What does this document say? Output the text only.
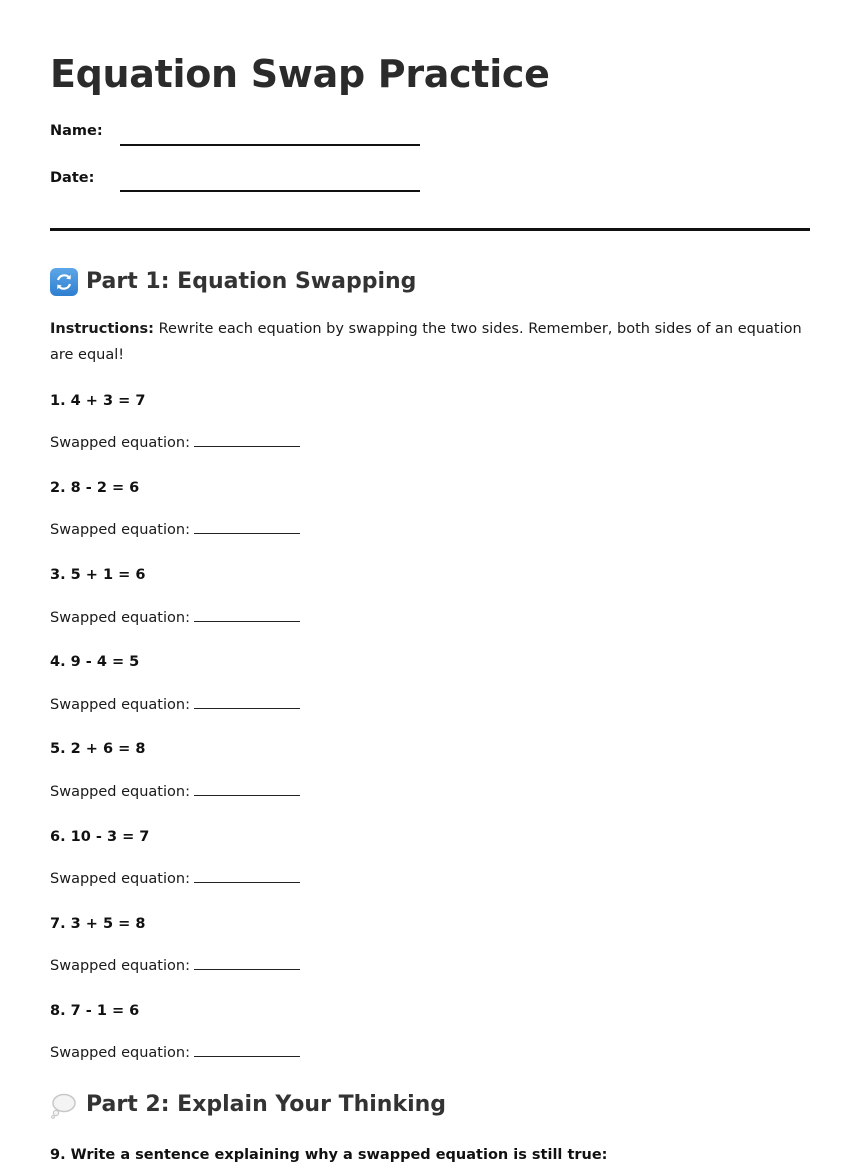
Equation Swap Practice
Name:
Date:
Part 1: Equation Swapping
Instructions: Rewrite each equation by swapping the two sides. Remember, both sides of an equation are equal!
1. 4 + 3 = 7
Swapped equation:
2. 8 - 2 = 6
Swapped equation:
3. 5 + 1 = 6
Swapped equation:
4. 9 - 4 = 5
Swapped equation:
5. 2 + 6 = 8
Swapped equation:
6. 10 - 3 = 7
Swapped equation:
7. 3 + 5 = 8
Swapped equation:
8. 7 - 1 = 6
Swapped equation:
Part 2: Explain Your Thinking
9. Write a sentence explaining why a swapped equation is still true:
